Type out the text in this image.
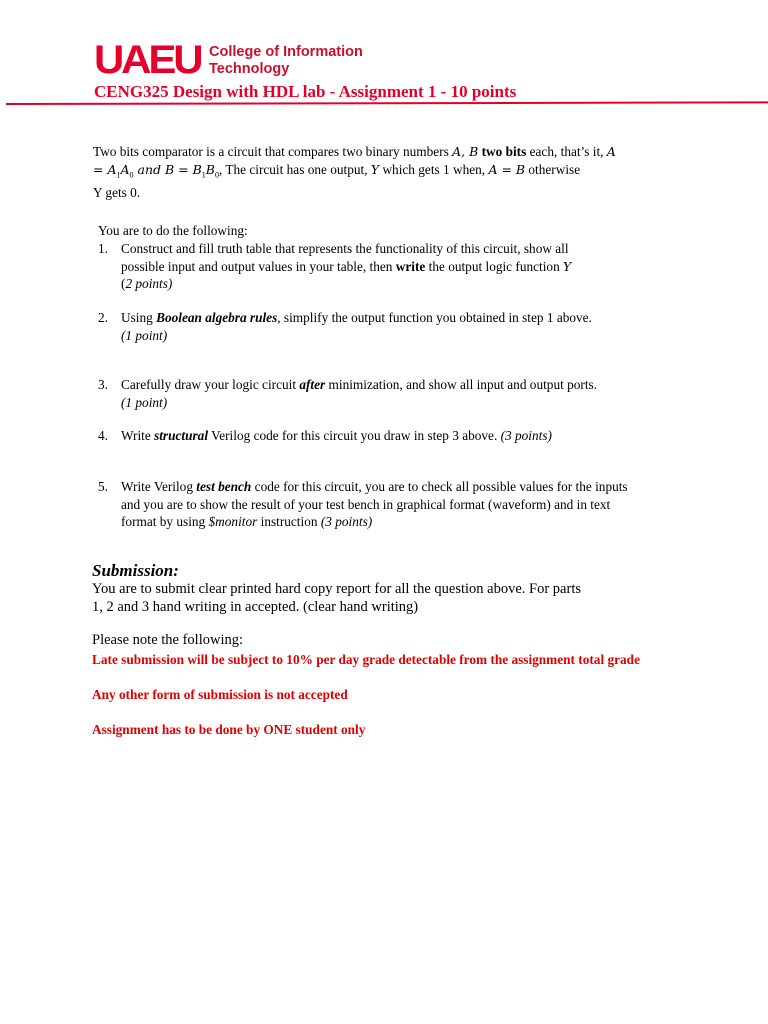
UAEU College of Information
Technology
CENG325 Design with HDL lab - Assignment 1 - 10 points
Two bits comparator is a circuit that compares two binary numbers A, B two bits each, that’s it, A
= $A_1A_0$ and $B = B_1B_0$, The circuit has one output, Y which gets 1 when, A = B otherwise
Y gets 0.
You are to do the following:
1. Construct and fill truth table that represents the functionality of this circuit, show all possible input and output values in your table, then write the output logic function Y
(2 points)
2. Using Boolean algebra rules, simplify the output function you obtained in step 1 above.
(1 point)
3. Carefully draw your logic circuit after minimization, and show all input and output ports.
(1 point)
4. Write structural Verilog code for this circuit you draw in step 3 above. (3 points)
5. Write Verilog test bench code for this circuit, you are to check all possible values for the inputs and you are to show the result of your test bench in graphical format (waveform) and in text format by using $monitor instruction (3 points)
Submission:
You are to submit clear printed hard copy report for all the question above. For parts 1, 2 and 3 hand writing in accepted. (clear hand writing)
Please note the following:
Late submission will be subject to 10% per day grade detectable from the assignment total grade
Any other form of submission is not accepted
Assignment has to be done by ONE student only
